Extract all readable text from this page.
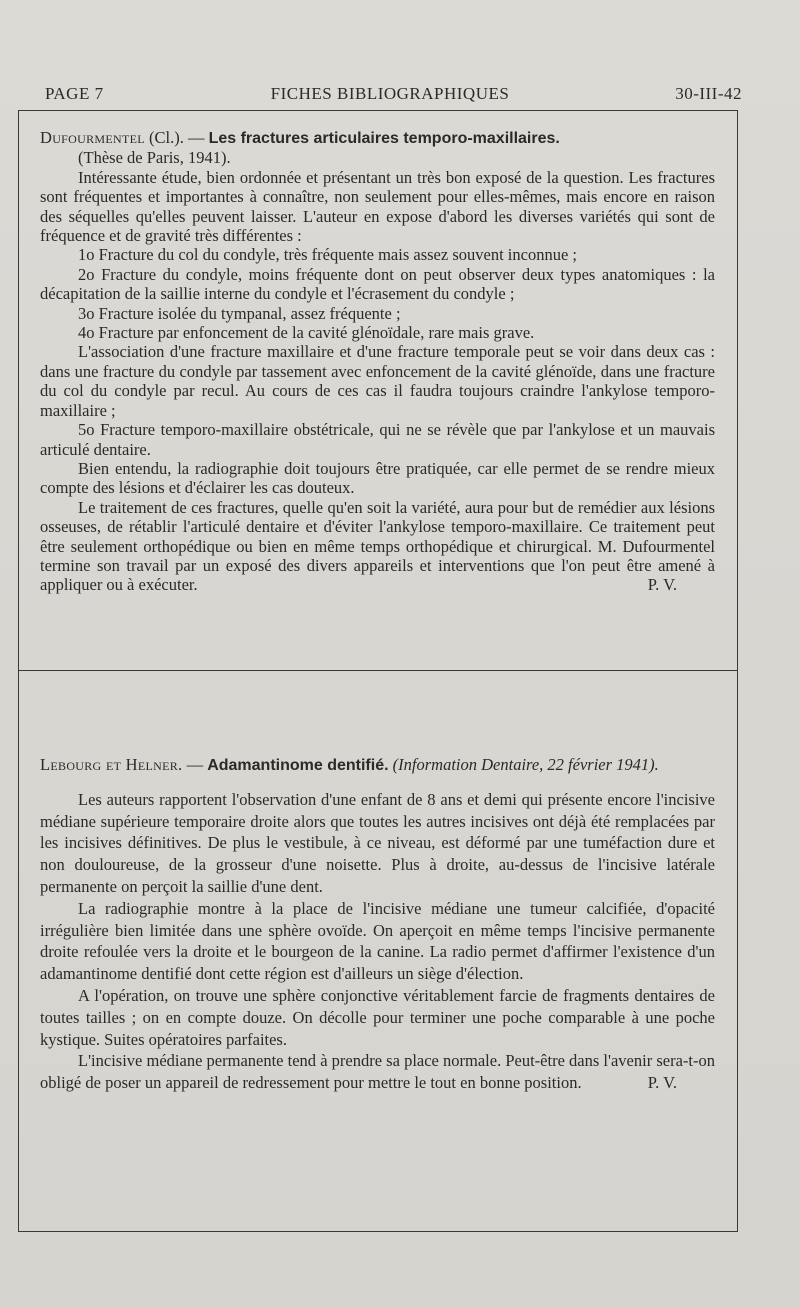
PAGE 7	FICHES BIBLIOGRAPHIQUES	30-III-42

Dufourmentel (Cl.). — Les fractures articulaires temporo-maxillaires.
(Thèse de Paris, 1941).

Intéressante étude, bien ordonnée et présentant un très bon exposé de la question. Les fractures sont fréquentes et importantes à connaître, non seulement pour elles-mêmes, mais encore en raison des séquelles qu'elles peuvent laisser. L'auteur en expose d'abord les diverses variétés qui sont de fréquence et de gravité très différentes :

1o Fracture du col du condyle, très fréquente mais assez souvent inconnue ;

2o Fracture du condyle, moins fréquente dont on peut observer deux types anatomiques : la décapitation de la saillie interne du condyle et l'écrasement du condyle ;

3o Fracture isolée du tympanal, assez fréquente ;

4o Fracture par enfoncement de la cavité glénoïdale, rare mais grave.

L'association d'une fracture maxillaire et d'une fracture temporale peut se voir dans deux cas : dans une fracture du condyle par tassement avec enfoncement de la cavité glénoïde, dans une fracture du col du condyle par recul. Au cours de ces cas il faudra toujours craindre l'ankylose temporo-maxillaire ;

5o Fracture temporo-maxillaire obstétricale, qui ne se révèle que par l'ankylose et un mauvais articulé dentaire.

Bien entendu, la radiographie doit toujours être pratiquée, car elle permet de se rendre mieux compte des lésions et d'éclairer les cas douteux.

Le traitement de ces fractures, quelle qu'en soit la variété, aura pour but de remédier aux lésions osseuses, de rétablir l'articulé dentaire et d'éviter l'ankylose temporo-maxillaire. Ce traitement peut être seulement orthopédique ou bien en même temps orthopédique et chirurgical. M. Dufourmentel termine son travail par un exposé des divers appareils et interventions que l'on peut être amené à appliquer ou à exécuter.	P. V.

Lebourg et Helner. — Adamantinome dentifié. (Information Dentaire, 22 février 1941).

Les auteurs rapportent l'observation d'une enfant de 8 ans et demi qui présente encore l'incisive médiane supérieure temporaire droite alors que toutes les autres incisives ont déjà été remplacées par les incisives définitives. De plus le vestibule, à ce niveau, est déformé par une tuméfaction dure et non douloureuse, de la grosseur d'une noisette. Plus à droite, au-dessus de l'incisive latérale permanente on perçoit la saillie d'une dent.

La radiographie montre à la place de l'incisive médiane une tumeur calcifiée, d'opacité irrégulière bien limitée dans une sphère ovoïde. On aperçoit en même temps l'incisive permanente droite refoulée vers la droite et le bourgeon de la canine. La radio permet d'affirmer l'existence d'un adamantinome dentifié dont cette région est d'ailleurs un siège d'élection.

A l'opération, on trouve une sphère conjonctive véritablement farcie de fragments dentaires de toutes tailles ; on en compte douze. On décolle pour terminer une poche comparable à une poche kystique. Suites opératoires parfaites.

L'incisive médiane permanente tend à prendre sa place normale. Peut-être dans l'avenir sera-t-on obligé de poser un appareil de redressement pour mettre le tout en bonne position.	P. V.
